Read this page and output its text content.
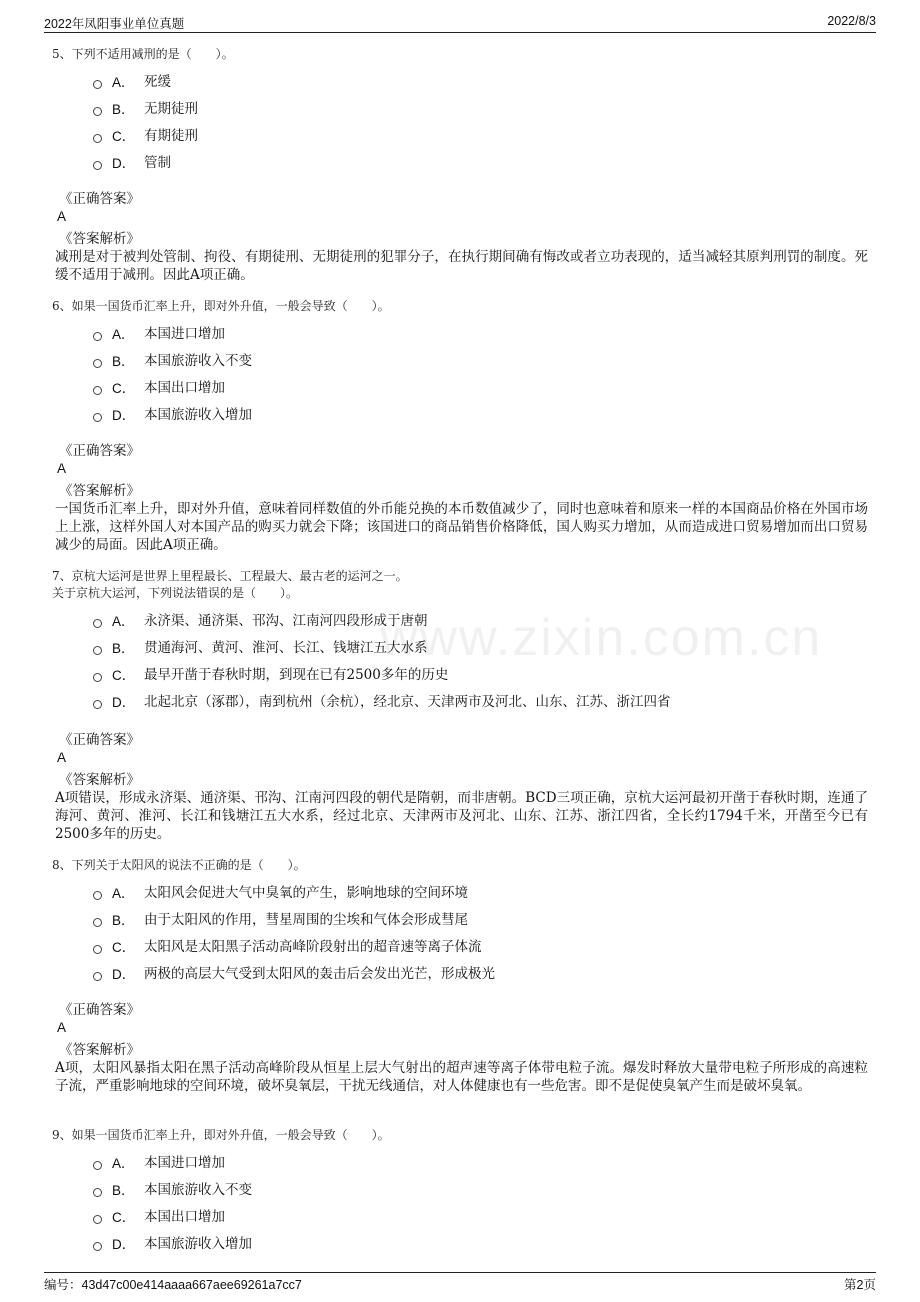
2022年凤阳事业单位真题	2022/8/3
www.zixin.com.cn
5、下列不适用减刑的是（　　）。
A． 死缓
B． 无期徒刑
C． 有期徒刑
D． 管制
《正确答案》
A
《答案解析》
减刑是对于被判处管制、拘役、有期徒刑、无期徒刑的犯罪分子，在执行期间确有悔改或者立功表现的，适当减轻其原判刑罚的制度。死缓不适用于减刑。因此A项正确。
6、如果一国货币汇率上升，即对外升值，一般会导致（　　）。
A． 本国进口增加
B． 本国旅游收入不变
C． 本国出口增加
D． 本国旅游收入增加
《正确答案》
A
《答案解析》
一国货币汇率上升，即对外升值，意味着同样数值的外币能兑换的本币数值减少了，同时也意味着和原来一样的本国商品价格在外国市场上上涨，这样外国人对本国产品的购买力就会下降；该国进口的商品销售价格降低，国人购买力增加，从而造成进口贸易增加而出口贸易减少的局面。因此A项正确。
7、京杭大运河是世界上里程最长、工程最大、最古老的运河之一。
关于京杭大运河，下列说法错误的是（　　）。
A． 永济渠、通济渠、邗沟、江南河四段形成于唐朝
B． 贯通海河、黄河、淮河、长江、钱塘江五大水系
C． 最早开凿于春秋时期，到现在已有2500多年的历史
D． 北起北京（涿郡），南到杭州（余杭），经北京、天津两市及河北、山东、江苏、浙江四省
《正确答案》
A
《答案解析》
A项错误，形成永济渠、通济渠、邗沟、江南河四段的朝代是隋朝，而非唐朝。BCD三项正确，京杭大运河最初开凿于春秋时期，连通了海河、黄河、淮河、长江和钱塘江五大水系，经过北京、天津两市及河北、山东、江苏、浙江四省，全长约1794千米，开凿至今已有2500多年的历史。
8、下列关于太阳风的说法不正确的是（　　）。
A． 太阳风会促进大气中臭氧的产生，影响地球的空间环境
B． 由于太阳风的作用，彗星周围的尘埃和气体会形成彗尾
C． 太阳风是太阳黑子活动高峰阶段射出的超音速等离子体流
D． 两极的高层大气受到太阳风的轰击后会发出光芒，形成极光
《正确答案》
A
《答案解析》
A项，太阳风暴指太阳在黑子活动高峰阶段从恒星上层大气射出的超声速等离子体带电粒子流。爆发时释放大量带电粒子所形成的高速粒子流，严重影响地球的空间环境，破坏臭氧层，干扰无线通信，对人体健康也有一些危害。即不是促使臭氧产生而是破坏臭氧。
9、如果一国货币汇率上升，即对外升值，一般会导致（　　）。
A． 本国进口增加
B． 本国旅游收入不变
C． 本国出口增加
D． 本国旅游收入增加
编号：43d47c00e414aaaa667aee69261a7cc7	第2页
